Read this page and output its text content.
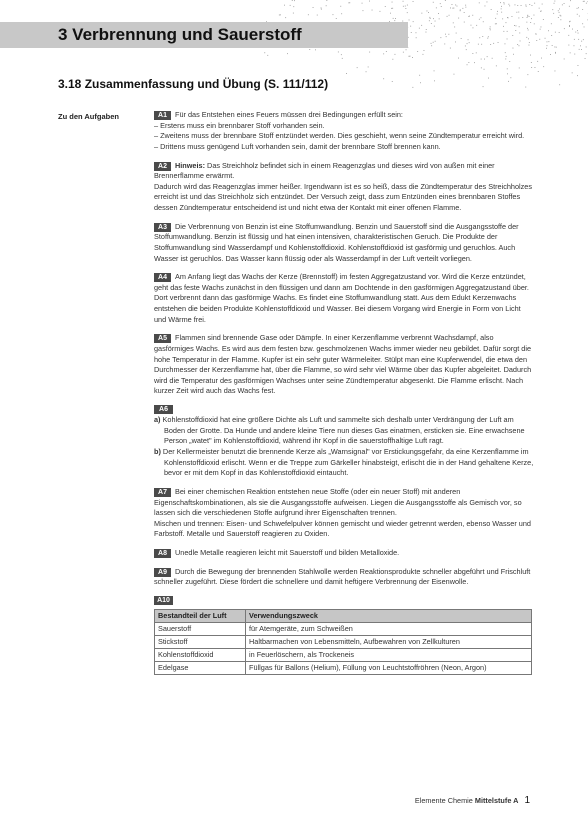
3 Verbrennung und Sauerstoff
3.18 Zusammenfassung und Übung (S. 111/112)
Zu den Aufgaben	A1 Für das Entstehen eines Feuers müssen drei Bedingungen erfüllt sein:

– Erstens muss ein brennbarer Stoff vorhanden sein.

– Zweitens muss der brennbare Stoff entzündet werden. Dies geschieht, wenn seine Zündtemperatur erreicht wird.

– Drittens muss genügend Luft vorhanden sein, damit der brennbare Stoff brennen kann.

A2 Hinweis: Das Streichholz befindet sich in einem Reagenzglas und dieses wird von außen mit einer Brennerflamme erwärmt.

Dadurch wird das Reagenzglas immer heißer. Irgendwann ist es so heiß, dass die Zündtemperatur des Streichholzes erreicht ist und das Streichholz sich entzündet. Der Versuch zeigt, dass zum Entzünden eines brennbaren Stoffes dessen Zündtemperatur entscheidend ist und nicht etwa der Kontakt mit einer offenen Flamme.

A3 Die Verbrennung von Benzin ist eine Stoffumwandlung. Benzin und Sauerstoff sind die Ausgangsstoffe der Stoffumwandlung. Benzin ist flüssig und hat einen intensiven, charakteristischen Geruch. Die Produkte der Stoffumwandlung sind Wasserdampf und Kohlenstoffdioxid. Kohlenstoffdioxid ist gasförmig und geruchlos. Auch Wasser ist geruchlos. Das Wasser kann flüssig oder als Wasserdampf in der Luft verteilt vorliegen.

A4 Am Anfang liegt das Wachs der Kerze (Brennstoff) im festen Aggregatzustand vor. Wird die Kerze entzündet, geht das feste Wachs zunächst in den flüssigen und dann am Dochtende in den gasförmigen Aggregatzustand über. Dort verbrennt dann das gasförmige Wachs. Es findet eine Stoffumwandlung statt. Aus dem Edukt Kerzenwachs entstehen die beiden Produkte Kohlenstoffdioxid und Wasser. Bei diesem Vorgang wird Energie in Form von Licht und Wärme frei.

A5 Flammen sind brennende Gase oder Dämpfe. In einer Kerzenflamme verbrennt Wachsdampf, also gasförmiges Wachs. Es wird aus dem festen bzw. geschmolzenen Wachs immer wieder neu gebildet. Dafür sorgt die hohe Temperatur in der Flamme. Kupfer ist ein sehr guter Wärmeleiter. Stülpt man eine Kupferwendel, die etwa den Durchmesser der Kerzenflamme hat, über die Flamme, so wird sehr viel Wärme über das Kupfer abgeleitet. Dadurch wird die Temperatur des gasförmigen Wachses unter seine Zündtemperatur abgesenkt. Die Flamme erlischt. Nach kurzer Zeit wird auch das Wachs fest.

A6

a) Kohlenstoffdioxid hat eine größere Dichte als Luft und sammelte sich deshalb unter Verdrängung der Luft am Boden der Grotte. Da Hunde und andere kleine Tiere nun dieses Gas einatmen, ersticken sie. Eine erwachsene Person „watet" im Kohlenstoffdioxid, während ihr Kopf in die sauerstoffhaltige Luft ragt.

b) Der Kellermeister benutzt die brennende Kerze als „Warnsignal" vor Erstickungsgefahr, da eine Kerzenflamme im Kohlenstoffdioxid erlischt. Wenn er die Treppe zum Gärkeller hinabsteigt, erlischt die in der Hand gehaltene Kerze, bevor er mit dem Kopf in das Kohlenstoffdioxid eintaucht.

A7 Bei einer chemischen Reaktion entstehen neue Stoffe (oder ein neuer Stoff) mit anderen Eigenschaftskombinationen, als sie die Ausgangsstoffe aufweisen. Liegen die Ausgangsstoffe als Gemisch vor, so lassen sich die verschiedenen Stoffe aufgrund ihrer Eigenschaften trennen.

Mischen und trennen: Eisen- und Schwefelpulver können gemischt und wieder getrennt werden, ebenso Wasser und Farbstoff. Metalle und Sauerstoff reagieren zu Oxiden.

A8 Unedle Metalle reagieren leicht mit Sauerstoff und bilden Metalloxide.

A9 Durch die Bewegung der brennenden Stahlwolle werden Reaktionsprodukte schneller abgeführt und Frischluft schneller zugeführt. Diese fördert die schnellere und damit heftigere Verbrennung der Eisenwolle.

A10
Bestandteil der Luft	Verwendungszweck
Sauerstoff	für Atemgeräte, zum Schweißen
Stickstoff	Haltbarmachen von Lebensmitteln, Aufbewahren von Zellkulturen
Kohlenstoffdioxid	in Feuerlöschern, als Trockeneis
Edelgase	Füllgas für Ballons (Helium), Füllung von Leuchtstoffröhren (Neon, Argon)
Elemente Chemie Mittelstufe A 1
